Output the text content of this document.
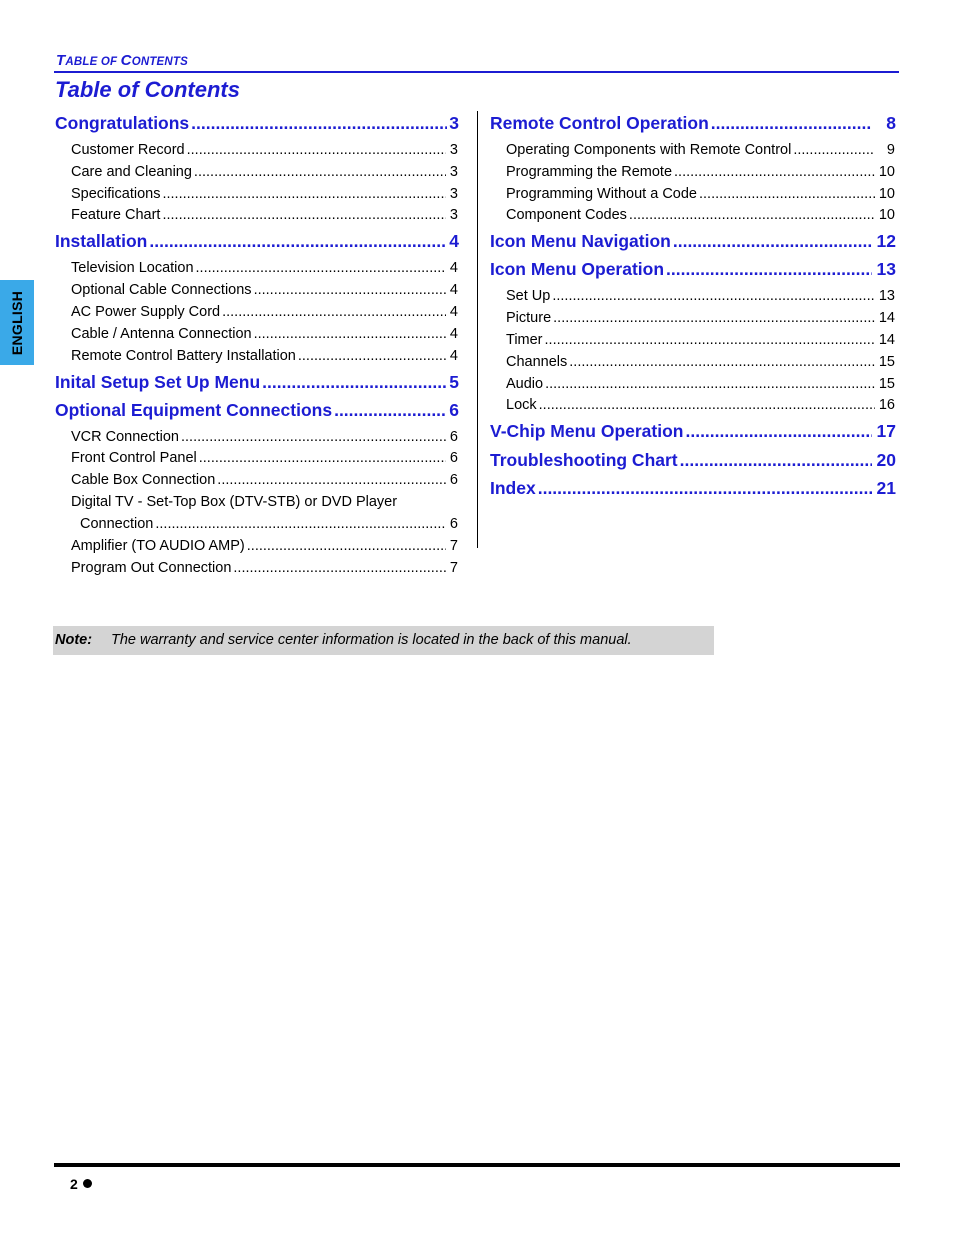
TABLE OF CONTENTS
Table of Contents
ENGLISH
Congratulations .....	3
Customer Record .....	3
Care and Cleaning .....	3
Specifications .....	3
Feature Chart .....	3
Installation .....	4
Television Location .....	4
Optional Cable Connections .....	4
AC Power Supply Cord .....	4
Cable / Antenna Connection .....	4
Remote Control Battery Installation .....	4
Inital Setup Set Up Menu .....	5
Optional Equipment Connections .....	6
VCR Connection .....	6
Front Control Panel .....	6
Cable Box Connection .....	6
Digital TV - Set-Top Box (DTV-STB) or DVD Player
Connection .....	6
Amplifier (TO AUDIO AMP) .....	7
Program Out Connection .....	7
Remote Control Operation .....	8
Operating Components with Remote Control .....	9
Programming the Remote .....	10
Programming Without a Code .....	10
Component Codes .....	10
Icon Menu Navigation .....	12
Icon Menu Operation .....	13
Set Up .....	13
Picture .....	14
Timer .....	14
Channels .....	15
Audio .....	15
Lock .....	16
V-Chip Menu Operation .....	17
Troubleshooting Chart .....	20
Index .....	21
Note: The warranty and service center information is located in the back of this manual.
2
